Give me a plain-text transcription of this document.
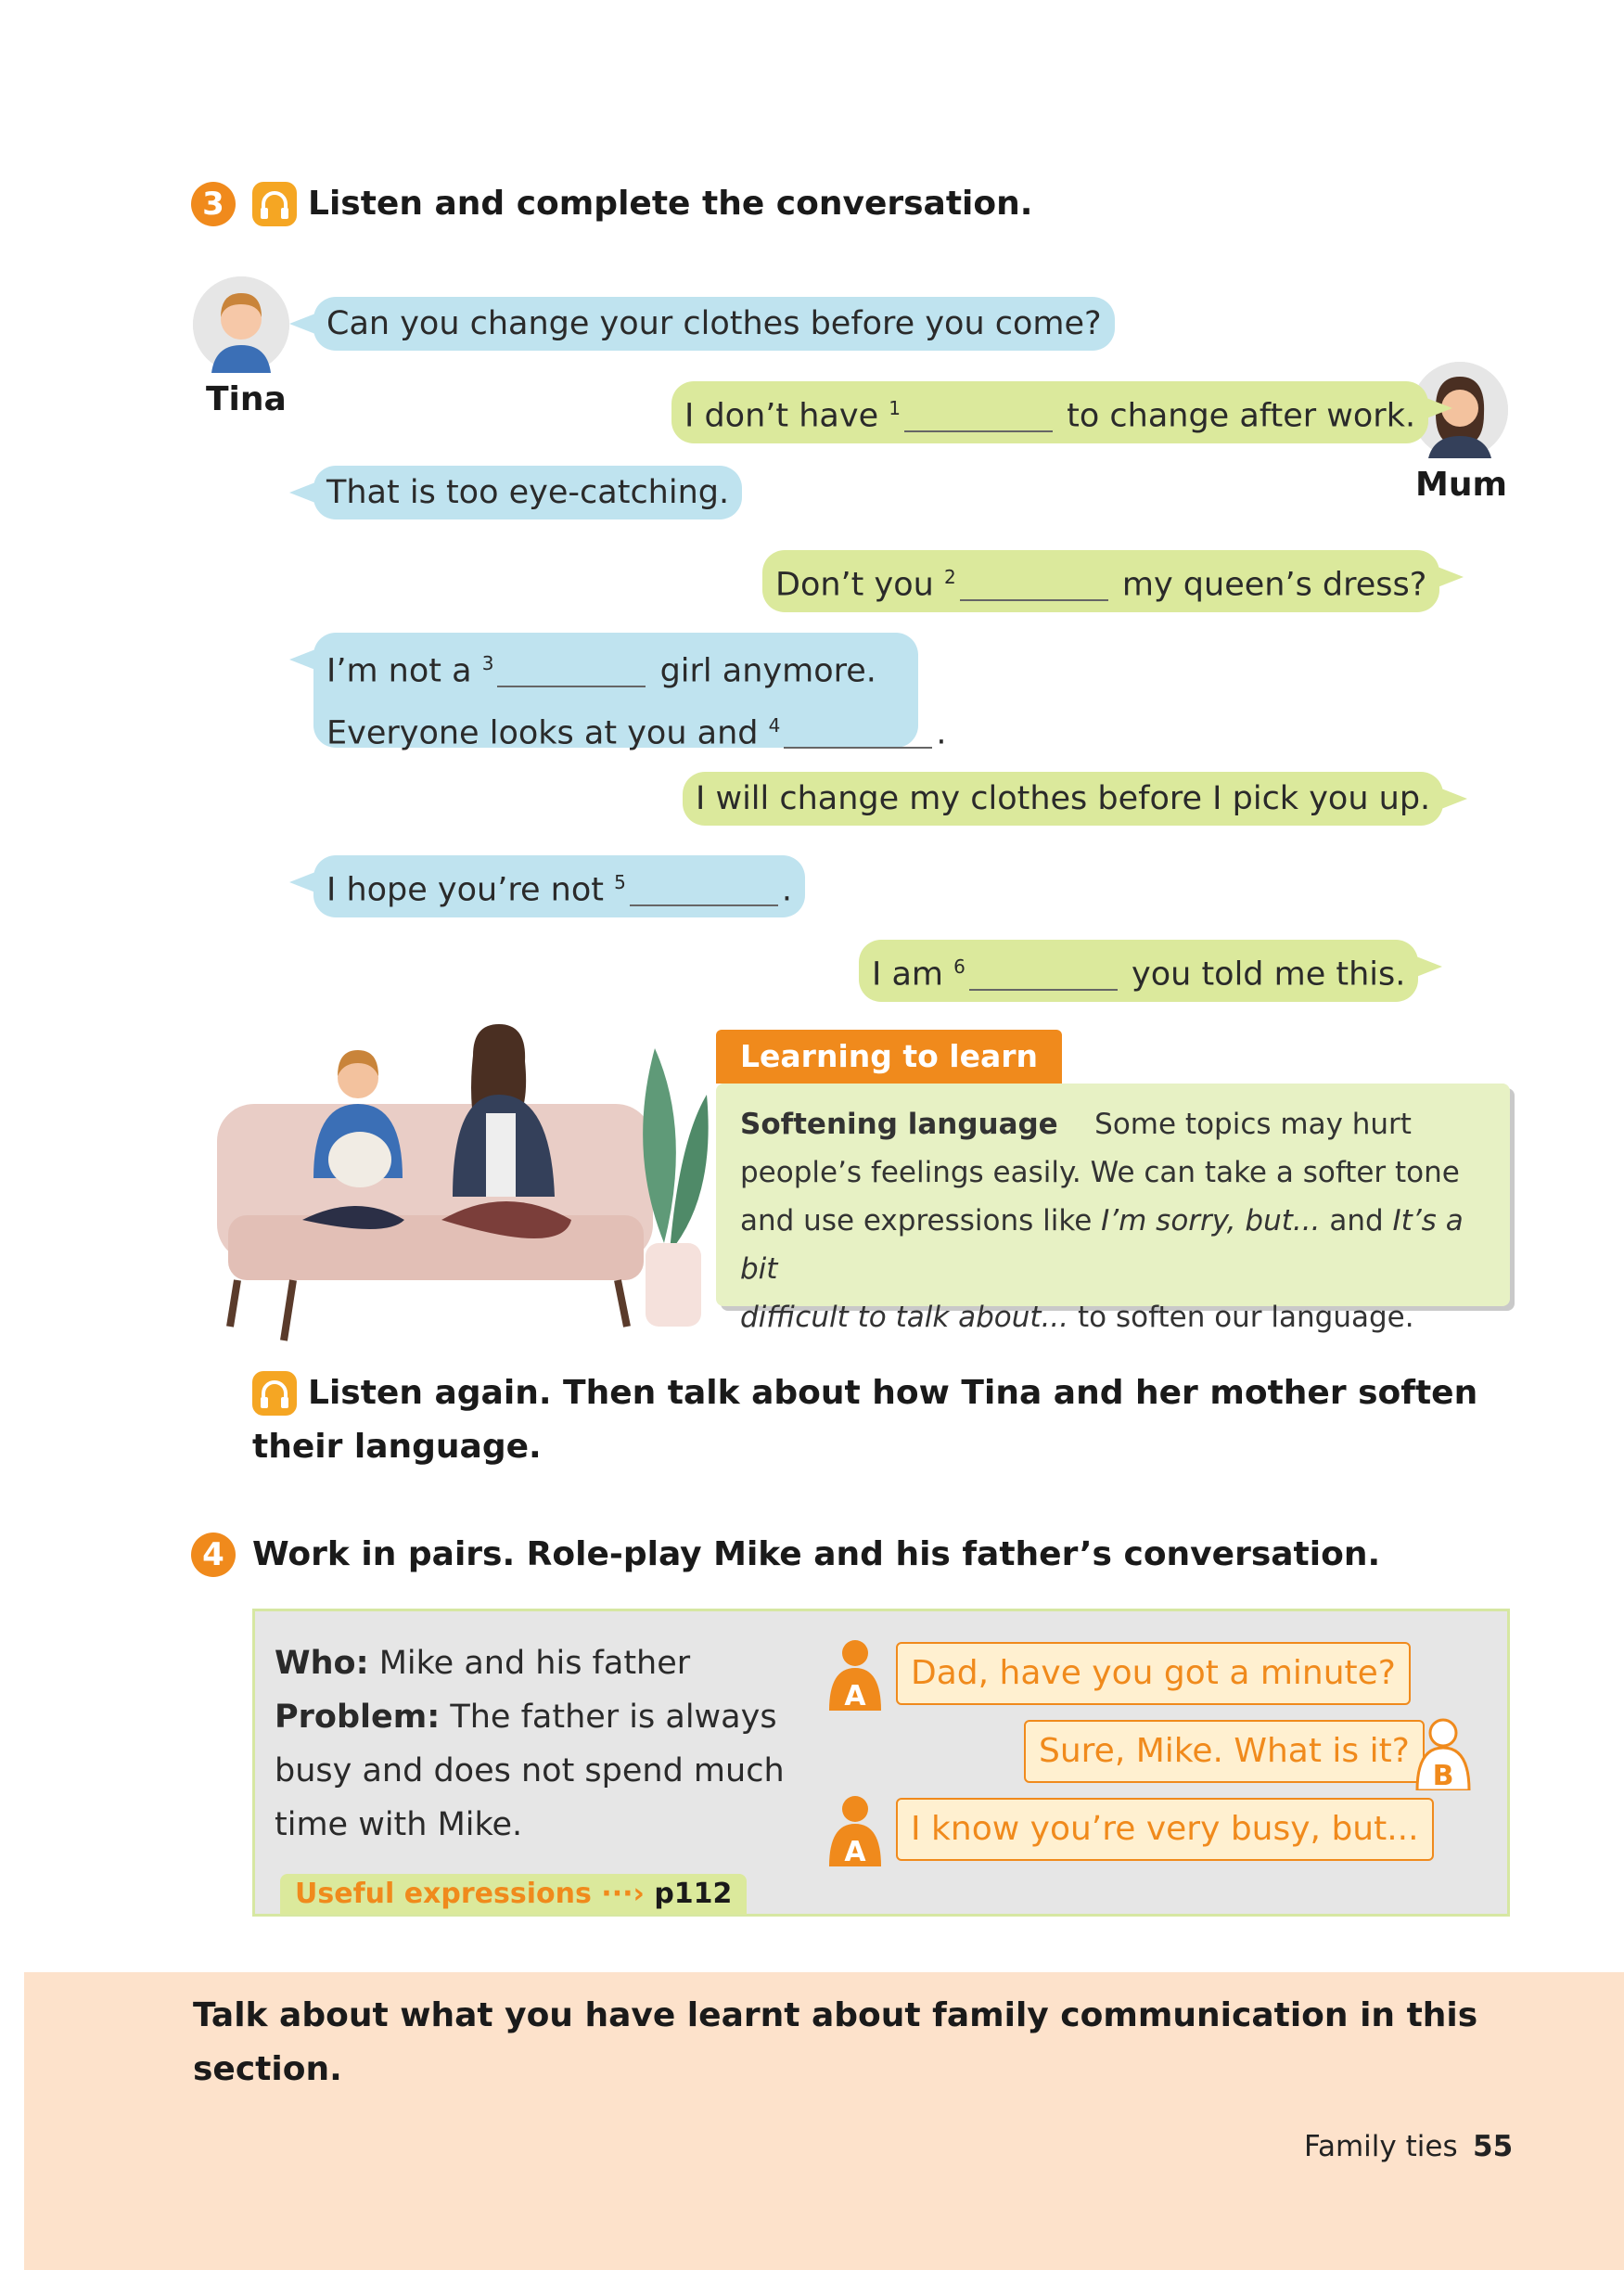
3	Listen and complete the conversation.
Tina
Mum
Can you change your clothes before you come?
I don’t have $^1$	to change after work.
That is too eye-catching.
Don’t you $^2$	my queen’s dress?
I’m not a $^3$	girl anymore.
Everyone looks at you and $^4$	.
I will change my clothes before I pick you up.
I hope you’re not $^5$	.
I am $^6$	you told me this.
Learning to learn
Softening language Some topics may hurt
people’s feelings easily. We can take a softer tone
and use expressions like I’m sorry, but... and It’s a bit
difficult to talk about... to soften our language.
Listen again. Then talk about how Tina and her mother soften
their language.
4 Work in pairs. Role-play Mike and his father’s conversation.
Who: Mike and his father
Problem: The father is always
busy and does not spend much
time with Mike.
Useful expressions ···› p112
A
Dad, have you got a minute?
Sure, Mike. What is it?
B
A
I know you’re very busy, but...
Talk about what you have learnt about family communication in this
section.
Family ties 55
